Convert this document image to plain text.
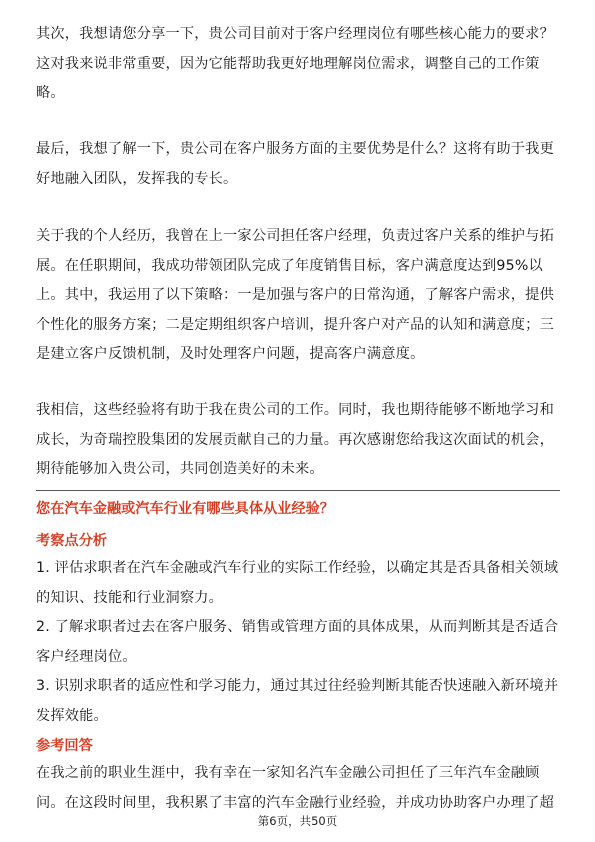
其次，我想请您分享一下，贵公司目前对于客户经理岗位有哪些核心能力的要求？
这对我来说非常重要，因为它能帮助我更好地理解岗位需求，调整自己的工作策
略。
最后，我想了解一下，贵公司在客户服务方面的主要优势是什么？这将有助于我更
好地融入团队，发挥我的专长。
关于我的个人经历，我曾在上一家公司担任客户经理，负责过客户关系的维护与拓
展。在任职期间，我成功带领团队完成了年度销售目标，客户满意度达到95%以
上。其中，我运用了以下策略：一是加强与客户的日常沟通，了解客户需求，提供
个性化的服务方案；二是定期组织客户培训，提升客户对产品的认知和满意度；三
是建立客户反馈机制，及时处理客户问题，提高客户满意度。
我相信，这些经验将有助于我在贵公司的工作。同时，我也期待能够不断地学习和
成长，为奇瑞控股集团的发展贡献自己的力量。再次感谢您给我这次面试的机会，
期待能够加入贵公司，共同创造美好的未来。
您在汽车金融或汽车行业有哪些具体从业经验？
考察点分析
1. 评估求职者在汽车金融或汽车行业的实际工作经验，以确定其是否具备相关领域
的知识、技能和行业洞察力。
2. 了解求职者过去在客户服务、销售或管理方面的具体成果，从而判断其是否适合
客户经理岗位。
3. 识别求职者的适应性和学习能力，通过其过往经验判断其能否快速融入新环境并
发挥效能。
参考回答
在我之前的职业生涯中，我有幸在一家知名汽车金融公司担任了三年汽车金融顾
问。在这段时间里，我积累了丰富的汽车金融行业经验，并成功协助客户办理了超
第6页，共50页
